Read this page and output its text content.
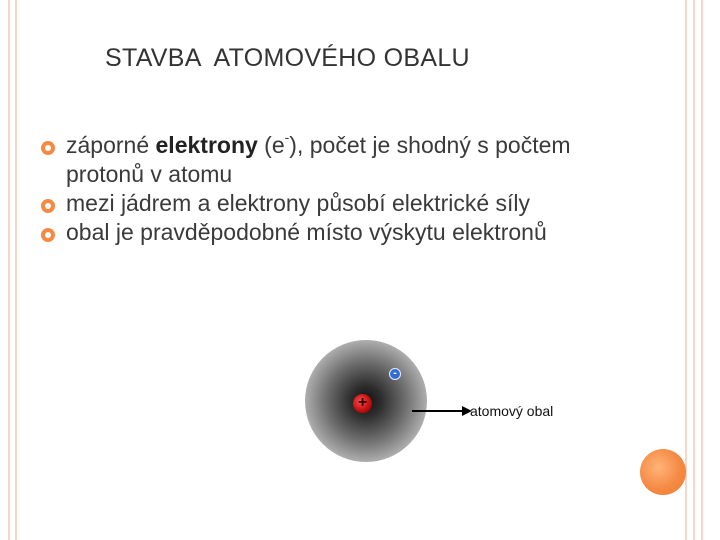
STAVBA  ATOMOVÉHO OBALU
záporné elektrony (e-), počet je shodný s počtem protonů v atomu
mezi jádrem a elektrony působí elektrické síly
obal je pravděpodobné místo výskytu elektronů
+
-
atomový obal
